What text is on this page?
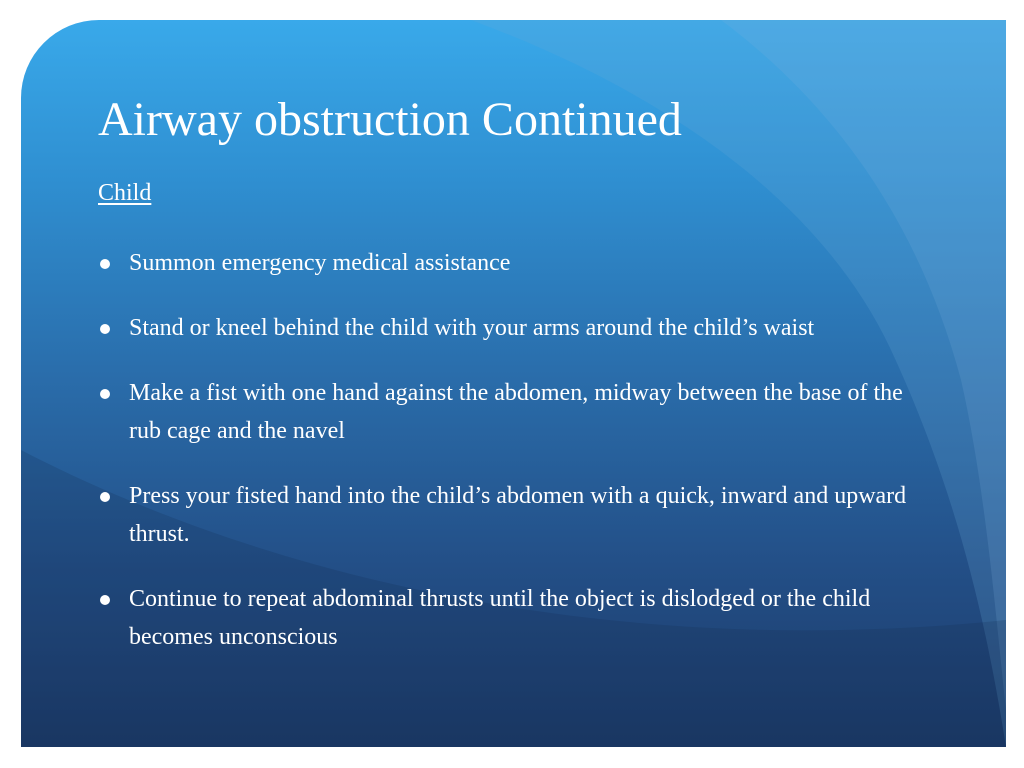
Airway obstruction Continued
Child
Summon emergency medical assistance
Stand or kneel behind the child with your arms around the child’s waist
Make a fist with one hand against the abdomen, midway between the base of the rub cage and the navel
Press your fisted hand into the child’s abdomen with a quick, inward and upward thrust.
Continue to repeat abdominal thrusts until the object is dislodged or the child becomes unconscious
